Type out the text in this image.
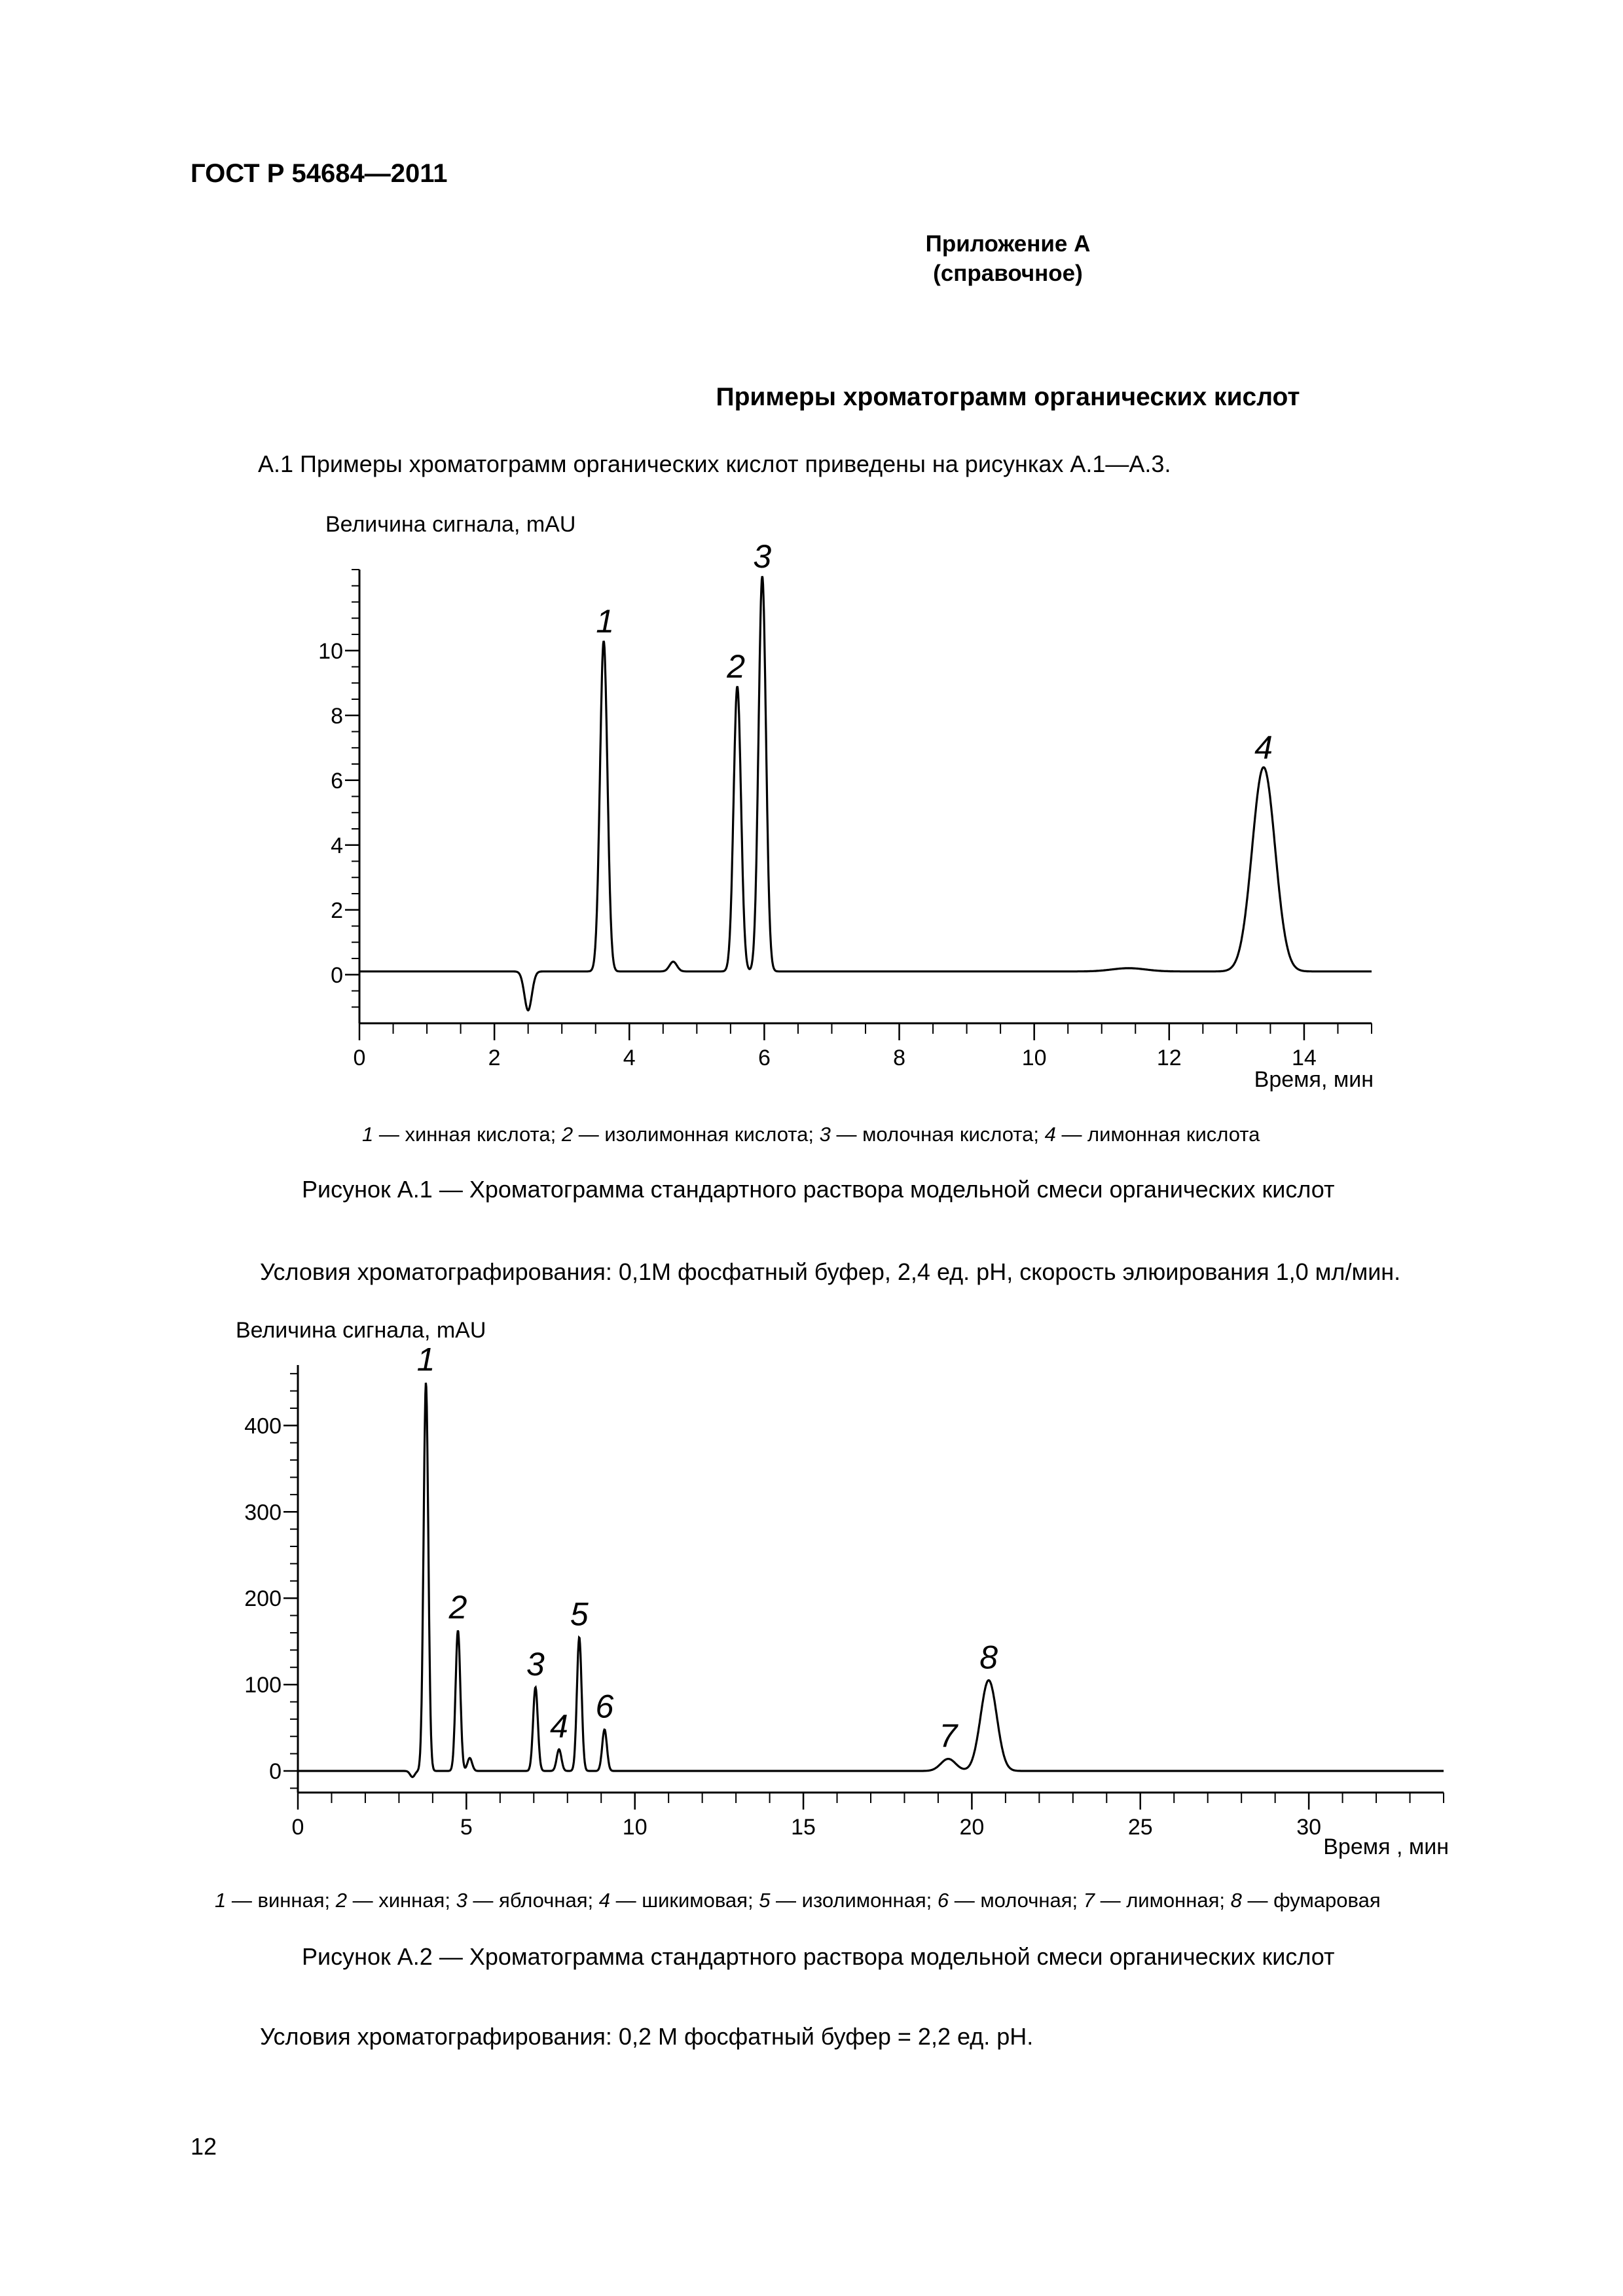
ГОСТ Р 54684—2011
Приложение А
(справочное)
Примеры хроматограмм органических кислот
А.1 Примеры хроматограмм органических кислот приведены на рисунках А.1—А.3.
Величина сигнала, mAU
Время, мин
0
2
4
6
8
10
0	2	4	6	8	10	12	14
1
2
3
4
1 — хинная кислота; 2 — изолимонная кислота; 3 — молочная кислота; 4 — лимонная кислота
Рисунок А.1 — Хроматограмма стандартного раствора модельной смеси органических кислот
Условия хроматографирования: 0,1М фосфатный буфер, 2,4 ед. pH, скорость элюирования 1,0 мл/мин.
Величина сигнала, mAU
Время , мин
0
100
200
300
400
0	5	10	15	20	25	30
1
2
3
4
5
6
7
8
1 — винная; 2 — хинная; 3 — яблочная; 4 — шикимовая; 5 — изолимонная; 6 — молочная; 7 — лимонная; 8 — фумаровая
Рисунок А.2 — Хроматограмма стандартного раствора модельной смеси органических кислот
Условия хроматографирования: 0,2 М фосфатный буфер = 2,2 ед. pH.
12
